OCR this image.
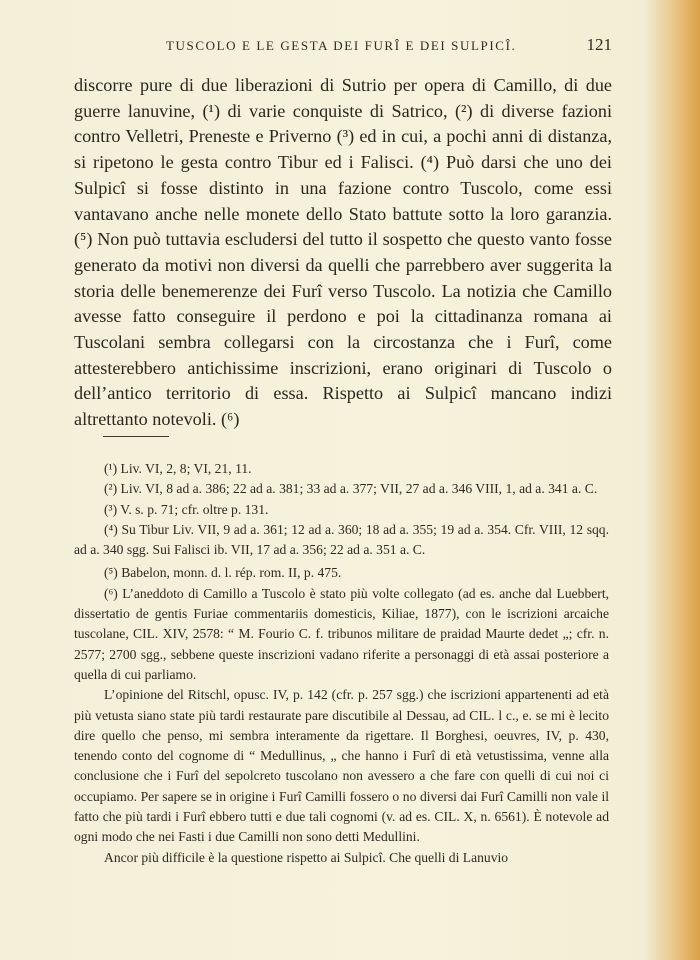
TUSCOLO E LE GESTA DEI FURÎ E DEI SULPICÎ.	121

discorre pure di due liberazioni di Sutrio per opera di Camillo, di due guerre lanuvine, (¹) di varie conquiste di Satrico, (²) di diverse fazioni contro Velletri, Preneste e Priverno (³) ed in cui, a pochi anni di distanza, si ripetono le gesta contro Tibur ed i Falisci. (⁴) Può darsi che uno dei Sulpicî si fosse distinto in una fazione contro Tuscolo, come essi vantavano anche nelle monete dello Stato battute sotto la loro garanzia. (⁵) Non può tuttavia escludersi del tutto il sospetto che questo vanto fosse generato da motivi non diversi da quelli che parrebbero aver suggerita la storia delle benemerenze dei Furî verso Tuscolo. La notizia che Camillo avesse fatto conseguire il perdono e poi la cittadinanza romana ai Tuscolani sembra collegarsi con la circostanza che i Furî, come attesterebbero antichissime inscrizioni, erano originari di Tuscolo o dell’antico territorio di essa. Rispetto ai Sulpicî mancano indizi altrettanto notevoli. (⁶)

(¹) Liv. VI, 2, 8; VI, 21, 11.

(²) Liv. VI, 8 ad a. 386; 22 ad a. 381; 33 ad a. 377; VII, 27 ad a. 346 VIII, 1, ad a. 341 a. C.

(³) V. s. p. 71; cfr. oltre p. 131.

(⁴) Su Tibur Liv. VII, 9 ad a. 361; 12 ad a. 360; 18 ad a. 355; 19 ad a. 354. Cfr. VIII, 12 sqq. ad a. 340 sgg. Sui Falisci ib. VII, 17 ad a. 356; 22 ad a. 351 a. C.

(⁵) Babelon, monn. d. l. rép. rom. II, p. 475.

(⁶) L’aneddoto di Camillo a Tuscolo è stato più volte collegato (ad es. anche dal Luebbert, dissertatio de gentis Furiae commentariis domesticis, Kiliae, 1877), con le iscrizioni arcaiche tuscolane, CIL. XIV, 2578: “ M. Fourio C. f. tribunos militare de praidad Maurte dedet „; cfr. n. 2577; 2700 sgg., sebbene queste inscrizioni vadano riferite a personaggi di età assai posteriore a quella di cui parliamo.

L’opinione del Ritschl, opusc. IV, p. 142 (cfr. p. 257 sgg.) che iscrizioni appartenenti ad età più vetusta siano state più tardi restaurate pare discutibile al Dessau, ad CIL. l c., e. se mi è lecito dire quello che penso, mi sembra interamente da rigettare. Il Borghesi, oeuvres, IV, p. 430, tenendo conto del cognome di “ Medullinus, „ che hanno i Furî di età vetustissima, venne alla conclusione che i Furî del sepolcreto tuscolano non avessero a che fare con quelli di cui noi ci occupiamo. Per sapere se in origine i Furî Camilli fossero o no diversi dai Furî Camilli non vale il fatto che più tardi i Furî ebbero tutti e due tali cognomi (v. ad es. CIL. X, n. 6561). È notevole ad ogni modo che nei Fasti i due Camilli non sono detti Medullini.

Ancor più difficile è la questione rispetto ai Sulpicî. Che quelli di Lanuvio
